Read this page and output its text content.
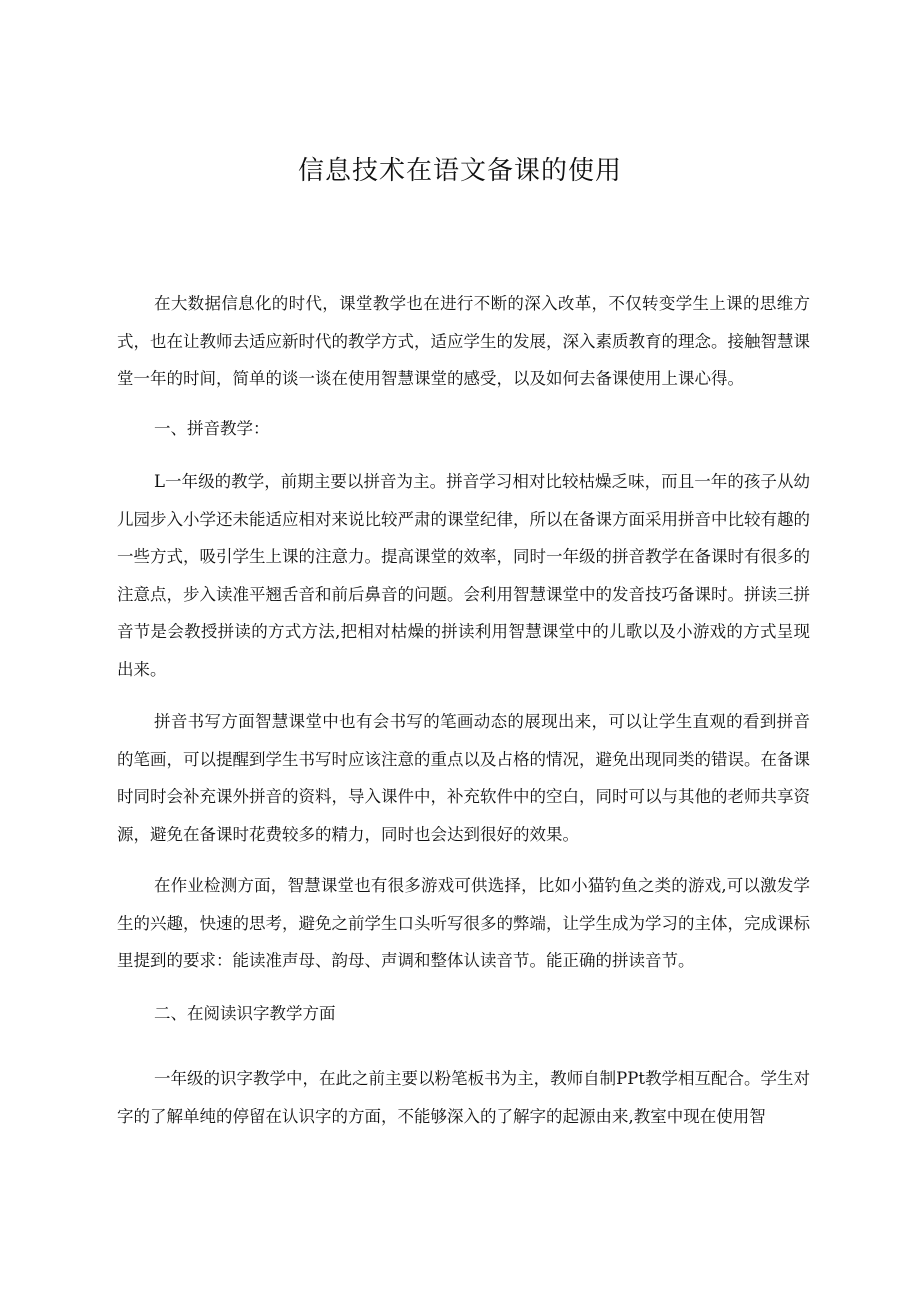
信息技术在语文备课的使用

在大数据信息化的时代，课堂教学也在进行不断的深入改革，不仅转变学生上课的思维方式，也在让教师去适应新时代的教学方式，适应学生的发展，深入素质教育的理念。接触智慧课堂一年的时间，简单的谈一谈在使用智慧课堂的感受，以及如何去备课使用上课心得。

一、拼音教学：

L一年级的教学，前期主要以拼音为主。拼音学习相对比较枯燥乏味，而且一年的孩子从幼儿园步入小学还未能适应相对来说比较严肃的课堂纪律，所以在备课方面采用拼音中比较有趣的一些方式，吸引学生上课的注意力。提高课堂的效率，同时一年级的拼音教学在备课时有很多的注意点，步入读准平翘舌音和前后鼻音的问题。会利用智慧课堂中的发音技巧备课时。拼读三拼音节是会教授拼读的方式方法,把相对枯燥的拼读利用智慧课堂中的儿歌以及小游戏的方式呈现出来。

拼音书写方面智慧课堂中也有会书写的笔画动态的展现出来，可以让学生直观的看到拼音的笔画，可以提醒到学生书写时应该注意的重点以及占格的情况，避免出现同类的错误。在备课时同时会补充课外拼音的资料，导入课件中，补充软件中的空白，同时可以与其他的老师共享资源，避免在备课时花费较多的精力，同时也会达到很好的效果。

在作业检测方面，智慧课堂也有很多游戏可供选择，比如小猫钓鱼之类的游戏,可以激发学生的兴趣，快速的思考，避免之前学生口头听写很多的弊端，让学生成为学习的主体，完成课标里提到的要求：能读准声母、韵母、声调和整体认读音节。能正确的拼读音节。

二、在阅读识字教学方面

一年级的识字教学中，在此之前主要以粉笔板书为主，教师自制PPt教学相互配合。学生对字的了解单纯的停留在认识字的方面，不能够深入的了解字的起源由来,教室中现在使用智
